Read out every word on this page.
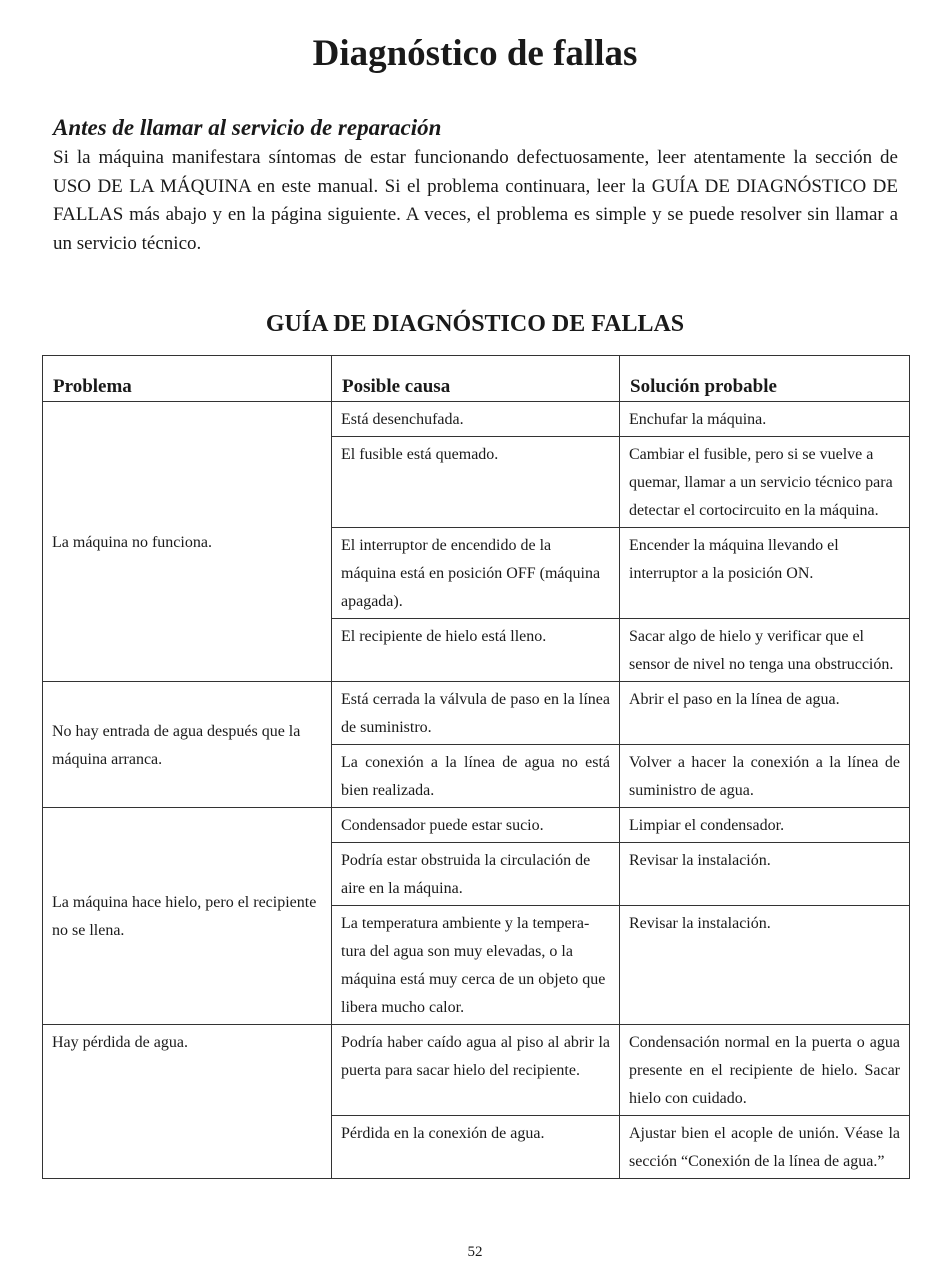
Diagnóstico de fallas
Antes de llamar al servicio de reparación

Si la máquina manifestara síntomas de estar funcionando defectuosamente, leer atentamente la sección de USO DE LA MÁQUINA en este manual. Si el problema continuara, leer la GUÍA DE DIAGNÓSTICO DE FALLAS más abajo y en la página siguiente. A veces, el problema es simple y se puede resolver sin llamar a un servicio técnico.

GUÍA DE DIAGNÓSTICO DE FALLAS
Problema	Posible causa	Solución probable
La máquina no funciona.	Está desenchufada.	Enchufar la máquina.
	El fusible está quemado.	Cambiar el fusible, pero si se vuelve a quemar, llamar a un servicio técnico para detectar el cortocircuito en la máquina.
	El interruptor de encendido de la máquina está en posición OFF (máquina apagada).	Encender la máquina llevando el interruptor a la posición ON.
	El recipiente de hielo está lleno.	Sacar algo de hielo y verificar que el sensor de nivel no tenga una obstrucción.
No hay entrada de agua después que la máquina arranca.	Está cerrada la válvula de paso en la línea de suministro.	Abrir el paso en la línea de agua.
	La conexión a la línea de agua no está bien realizada.	Volver a hacer la conexión a la línea de suministro de agua.
La máquina hace hielo, pero el recipiente no se llena.	Condensador puede estar sucio.	Limpiar el condensador.
	Podría estar obstruida la circulación de aire en la máquina.	Revisar la instalación.
	La temperatura ambiente y la tempera-tura del agua son muy elevadas, o la máquina está muy cerca de un objeto que libera mucho calor.	Revisar la instalación.
Hay pérdida de agua.	Podría haber caído agua al piso al abrir la puerta para sacar hielo del recipiente.	Condensación normal en la puerta o agua presente en el recipiente de hielo. Sacar hielo con cuidado.
	Pérdida en la conexión de agua.	Ajustar bien el acople de unión. Véase la sección “Conexión de la línea de agua.”
52
